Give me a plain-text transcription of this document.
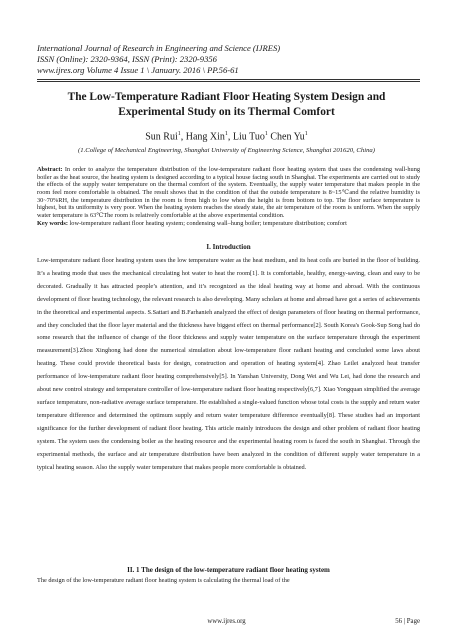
International Journal of Research in Engineering and Science (IJRES)
ISSN (Online): 2320-9364, ISSN (Print): 2320-9356
www.ijres.org Volume 4 Issue 1 \ January. 2016 \ PP.56-61
The Low-Temperature Radiant Floor Heating System Design and
Experimental Study on its Thermal Comfort
Sun Rui$^1$, Hang Xin$^1$, Liu Tuo$^1$ Chen Yu$^1$
(1.College of Mechanical Engineering, Shanghai University of Engineering Science, Shanghai 201620, China)
Abstract: In order to analyze the temperature distribution of the low-temperature radiant floor heating system that uses the condensing wall-hung boiler as the heat source, the heating system is designed according to a typical house facing south in Shanghai. The experiments are carried out to study the effects of the supply water temperature on the thermal comfort of the system. Eventually, the supply water temperature that makes people in the room feel more comfortable is obtained. The result shows that in the condition of that the outside temperature is 8~15℃and the relative humidity is 30~70%RH, the temperature distribution in the room is from high to low when the height is from bottom to top. The floor surface temperature is highest, but its uniformity is very poor. When the heating system reaches the steady state, the air temperature of the room is uniform. When the supply water temperature is 63℃The room is relatively comfortable at the above experimental condition.
Key words: low-temperature radiant floor heating system; condensing wall–hung boiler; temperature distribution; comfort
I. Introduction
Low-temperature radiant floor heating system uses the low temperature water as the heat medium, and its heat coils are buried in the floor of building. It’s a heating mode that uses the mechanical circulating hot water to heat the room[1]. It is comfortable, healthy, energy-saving, clean and easy to be decorated. Gradually it has attracted people’s attention, and it’s recognized as the ideal heating way at home and abroad. With the continuous development of floor heating technology, the relevant research is also developing. Many scholars at home and abroad have got a series of achievements in the theoretical and experimental aspects. S.Sattari and B.Farhanieh analyzed the effect of design parameters of floor heating on thermal performance, and they concluded that the floor layer material and the thickness have biggest effect on thermal performance[2]. South Korea's Gook-Sup Song had do some research that the influence of change of the floor thickness and supply water temperature on the surface temperature through the experiment measurement[3].Zhou Xinghong had done the numerical simulation about low-temperature floor radiant heating and concluded some laws about heating. These could provide theoretical basis for design, construction and operation of heating system[4]. Zhao Leilei analyzed heat transfer performance of low-temperature radiant floor heating comprehensively[5]. In Yanshan University, Dong Wei and Wu Lei, had done the research and about new control strategy and temperature controller of low-temperature radiant floor heating respectively[6,7]. Xiao Yongquan simplified the average surface temperature, non-radiative average surface temperature. He established a single-valued function whose total costs is the supply and return water temperature difference and determined the optimum supply and return water temperature difference eventually[8]. These studies had an important significance for the further development of radiant floor heating. This article mainly introduces the design and other problem of radiant floor heating system. The system uses the condensing boiler as the heating resource and the experimental heating room is faced the south in Shanghai. Through the experimental methods, the surface and air temperature distribution have been analyzed in the condition of different supply water temperature in a typical heating season. Also the supply water temperature that makes people more comfortable is obtained.
II. 1 The design of the low-temperature radiant floor heating system
The design of the low-temperature radiant floor heating system is calculating the thermal load of the
www.ijres.org	56 | Page
